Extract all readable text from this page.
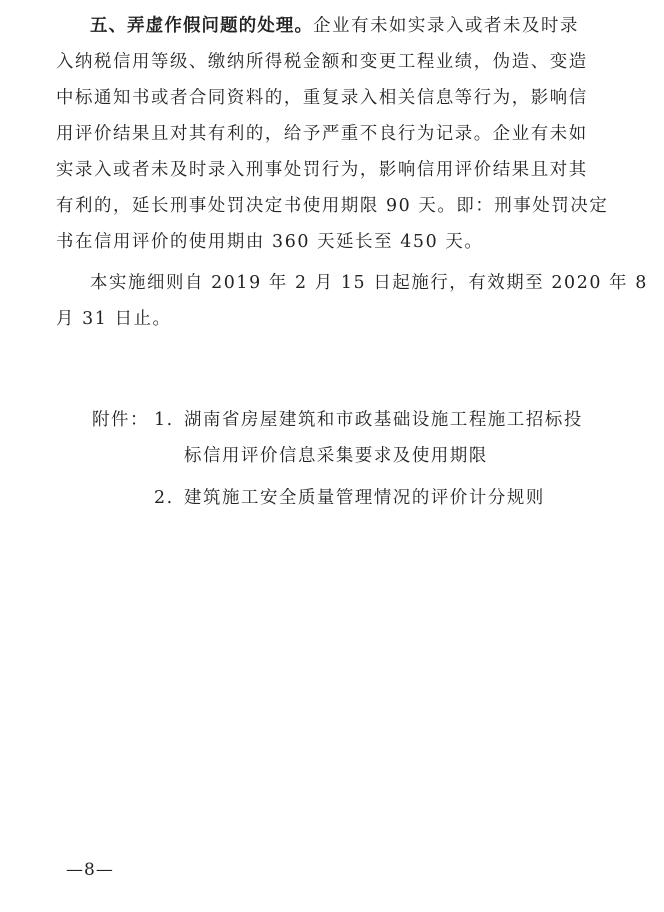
五、弄虚作假问题的处理。企业有未如实录入或者未及时录
入纳税信用等级、缴纳所得税金额和变更工程业绩，伪造、变造
中标通知书或者合同资料的，重复录入相关信息等行为，影响信
用评价结果且对其有利的，给予严重不良行为记录。企业有未如
实录入或者未及时录入刑事处罚行为，影响信用评价结果且对其
有利的，延长刑事处罚决定书使用期限 90 天。即：刑事处罚决定
书在信用评价的使用期由 360 天延长至 450 天。
本实施细则自 2019 年 2 月 15 日起施行，有效期至 2020 年 8
月 31 日止。
附件： 1. 湖南省房屋建筑和市政基础设施工程施工招标投
标信用评价信息采集要求及使用期限
2. 建筑施工安全质量管理情况的评价计分规则
—8—
